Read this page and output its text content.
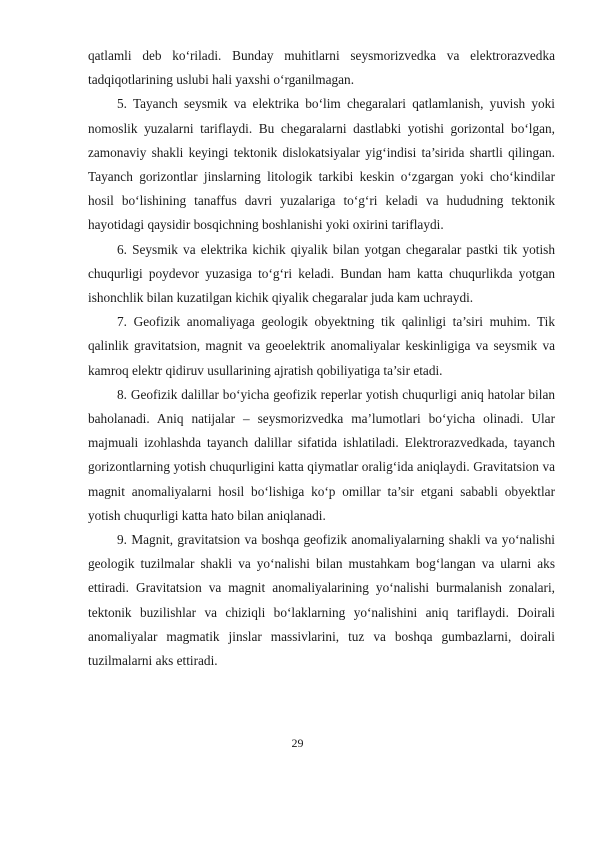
qatlamli deb ko‘riladi. Bunday muhitlarni seysmorizvedka va elektrorazvedka tadqiqotlarining uslubi hali yaxshi o‘rganilmagan.

5. Tayanch seysmik va elektrika bo‘lim chegaralari qatlamlanish, yuvish yoki nomoslik yuzalarni tariflaydi. Bu chegaralarni dastlabki yotishi gorizontal bo‘lgan, zamonaviy shakli keyingi tektonik dislokatsiyalar yig‘indisi ta’sirida shartli qilingan. Tayanch gorizontlar jinslarning litologik tarkibi keskin o‘zgargan yoki cho‘kindilar hosil bo‘lishining tanaffus davri yuzalariga to‘g‘ri keladi va hududning tektonik hayotidagi qaysidir bosqichning boshlanishi yoki oxirini tariflaydi.

6. Seysmik va elektrika kichik qiyalik bilan yotgan chegaralar pastki tik yotish chuqurligi poydevor yuzasiga to‘g‘ri keladi. Bundan ham katta chuqurlikda yotgan ishonchlik bilan kuzatilgan kichik qiyalik chegaralar juda kam uchraydi.

7. Geofizik anomaliyaga geologik obyektning tik qalinligi ta’siri muhim. Tik qalinlik gravitatsion, magnit va geoelektrik anomaliyalar keskinligiga va seysmik va kamroq elektr qidiruv usullarining ajratish qobiliyatiga ta’sir etadi.

8. Geofizik dalillar bo‘yicha geofizik reperlar yotish chuqurligi aniq hatolar bilan baholanadi. Aniq natijalar – seysmorizvedka ma’lumotlari bo‘yicha olinadi. Ular majmuali izohlashda tayanch dalillar sifatida ishlatiladi. Elektrorazvedkada, tayanch gorizontlarning yotish chuqurligini katta qiymatlar oralig‘ida aniqlaydi. Gravitatsion va magnit anomaliyalarni hosil bo‘lishiga ko‘p omillar ta’sir etgani sababli obyektlar yotish chuqurligi katta hato bilan aniqlanadi.

9. Magnit, gravitatsion va boshqa geofizik anomaliyalarning shakli va yo‘nalishi geologik tuzilmalar shakli va yo‘nalishi bilan mustahkam bog‘langan va ularni aks ettiradi. Gravitatsion va magnit anomaliyalarining yo‘nalishi burmalanish zonalari, tektonik buzilishlar va chiziqli bo‘laklarning yo‘nalishini aniq tariflaydi. Doirali anomaliyalar magmatik jinslar massivlarini, tuz va boshqa gumbazlarni, doirali tuzilmalarni aks ettiradi.

29
